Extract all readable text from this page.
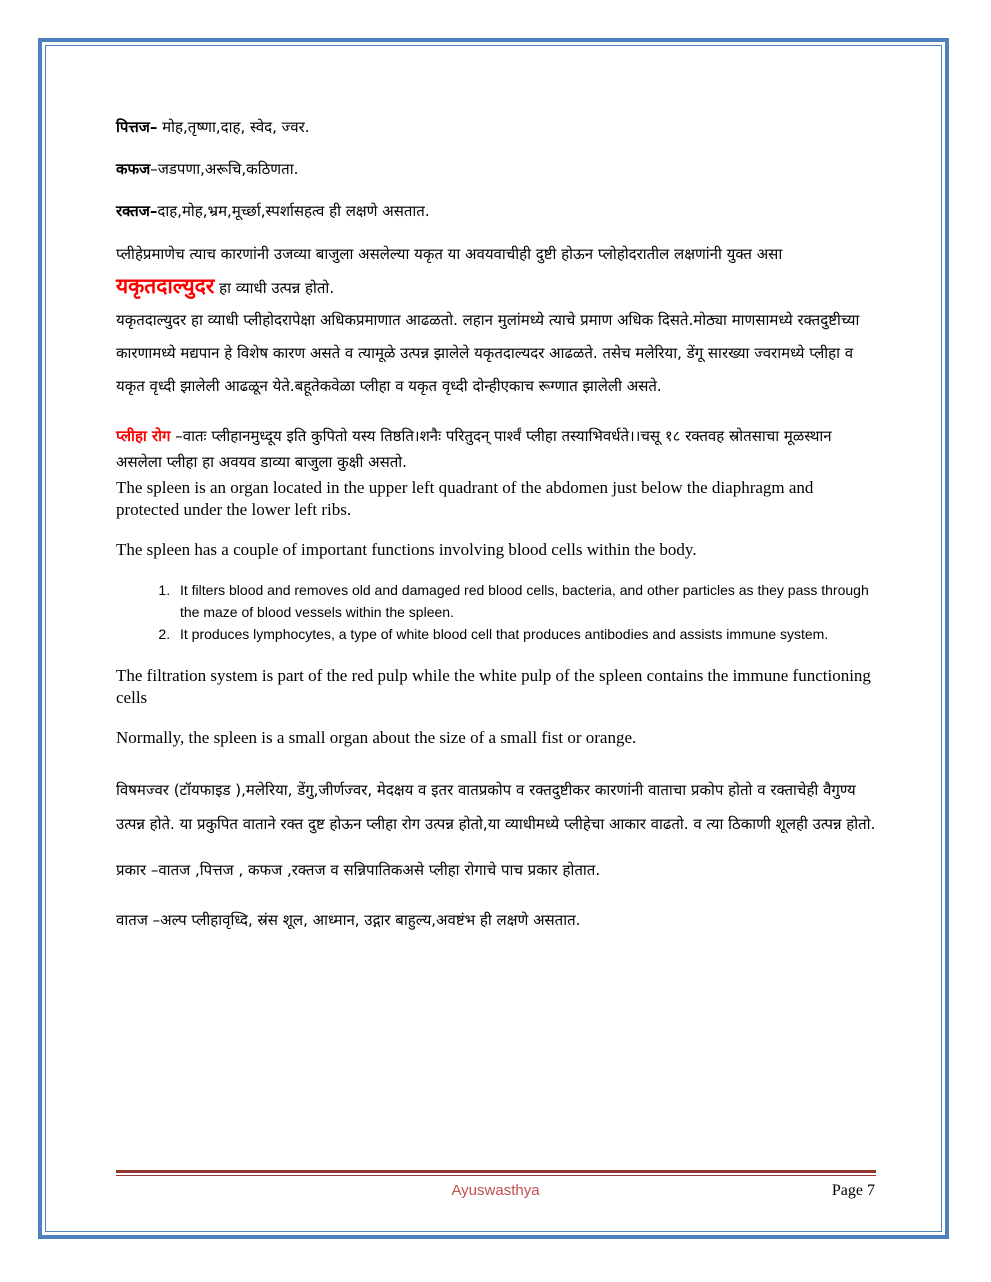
पित्तज– मोह,तृष्णा,दाह, स्वेद, ज्वर.

कफज–जडपणा,अरूचि,कठिणता.

रक्तज–दाह,मोह,भ्रम,मूर्च्छा,स्पर्शासहत्व ही लक्षणे असतात.

प्लीहेप्रमाणेच त्याच कारणांनी उजव्या बाजुला असलेल्या यकृत या अवयवाचीही दुष्टी होऊन प्लोहोदरातील लक्षणांनी युक्त असा यकृतदाल्युदर हा व्याधी उत्पन्न होतो.

यकृतदाल्युदर हा व्याधी प्लीहोदरापेक्षा अधिकप्रमाणात आढळतो. लहान मुलांमध्ये त्याचे प्रमाण अधिक दिसते.मोठ्या माणसामध्ये रक्तदुष्टीच्या कारणामध्ये मद्यपान हे विशेष कारण असते व त्यामूळे उत्पन्न झालेले यकृतदाल्यदर आढळते. तसेच मलेरिया, डेंगू सारख्या ज्वरामध्ये प्लीहा व यकृत वृध्दी झालेली आढळून येते.बहूतेकवेळा प्लीहा व यकृत वृध्दी दोन्हीएकाच रूग्णात झालेली असते.

प्लीहा रोग –वातः प्लीहानमुध्दूय इति कुपितो यस्य तिष्ठति।शनैः परितुदन् पार्श्वं प्लीहा तस्याभिवर्धते।।चसू १८ रक्तवह स्रोतसाचा मूळस्थान असलेला प्लीहा हा अवयव डाव्या बाजुला कुक्षी असतो.

The spleen is an organ located in the upper left quadrant of the abdomen just below the diaphragm and protected under the lower left ribs.

The spleen has a couple of important functions involving blood cells within the body.

1. It filters blood and removes old and damaged red blood cells, bacteria, and other particles as they pass through the maze of blood vessels within the spleen.
2. It produces lymphocytes, a type of white blood cell that produces antibodies and assists immune system.

The filtration system is part of the red pulp while the white pulp of the spleen contains the immune functioning cells

Normally, the spleen is a small organ about the size of a small fist or orange.

विषमज्वर (टॉयफाइड ),मलेरिया, डेंगु,जीर्णज्वर, मेदक्षय व इतर वातप्रकोप व रक्तदुष्टीकर कारणांनी वाताचा प्रकोप होतो व रक्ताचेही वैगुण्य उत्पन्न होते. या प्रकुपित वाताने रक्त दुष्ट होऊन प्लीहा रोग उत्पन्न होतो,या व्याधीमध्ये प्लीहेचा आकार वाढतो. व त्या ठिकाणी शूलही उत्पन्न होतो.

प्रकार –वातज ,पित्तज , कफज ,रक्तज व सन्निपातिकअसे प्लीहा रोगाचे पाच प्रकार होतात.

वातज –अल्प प्लीहावृध्दि, स्रंस शूल, आध्मान, उद्गार बाहुल्य,अवष्टंभ ही लक्षणे असतात.

Ayuswasthya	Page 7
